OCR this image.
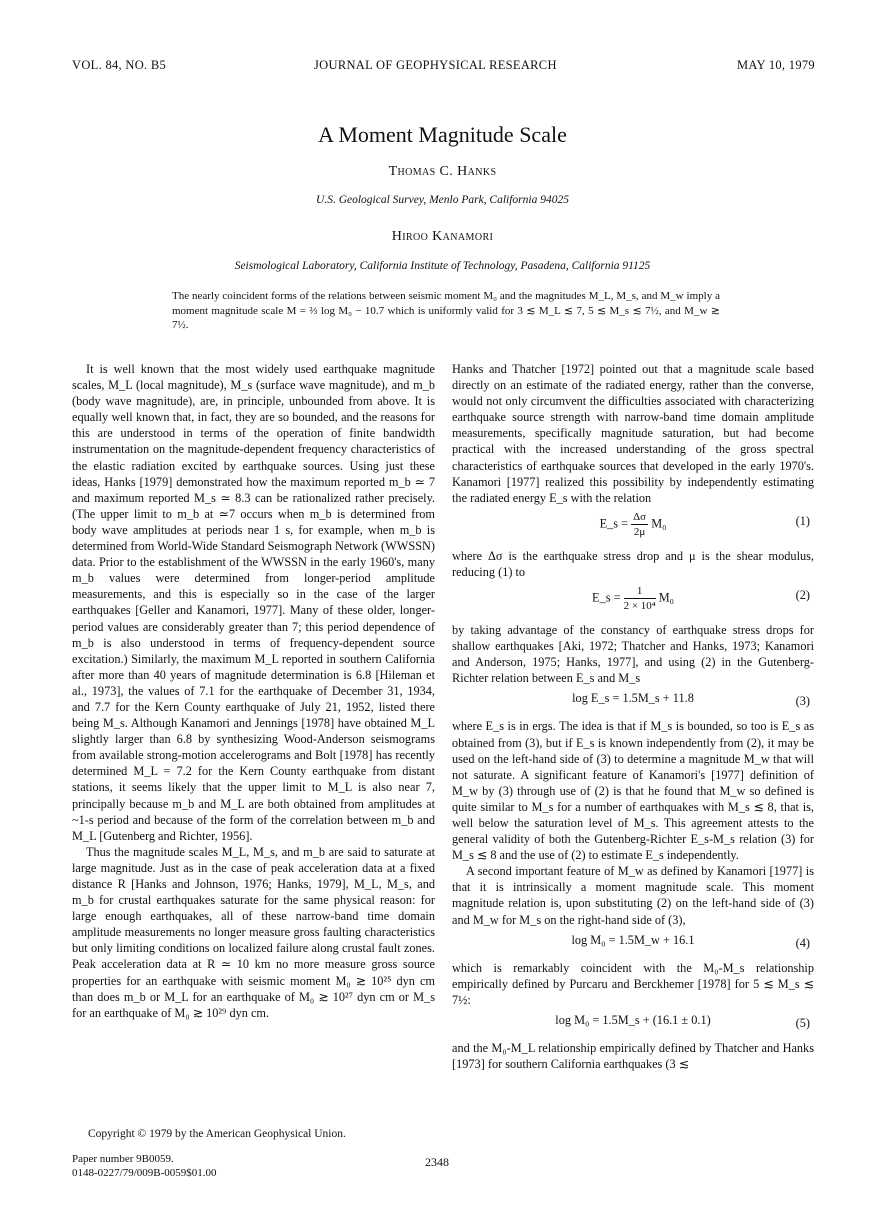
VOL. 84, NO. B5	JOURNAL OF GEOPHYSICAL RESEARCH	MAY 10, 1979
A Moment Magnitude Scale
Thomas C. Hanks
U.S. Geological Survey, Menlo Park, California 94025
Hiroo Kanamori
Seismological Laboratory, California Institute of Technology, Pasadena, California 91125
The nearly coincident forms of the relations between seismic moment M₀ and the magnitudes M_L, M_s, and M_w imply a moment magnitude scale M = ⅔ log M₀ − 10.7 which is uniformly valid for 3 ≲ M_L ≲ 7, 5 ≲ M_s ≲ 7½, and M_w ≳ 7½.

It is well known that the most widely used earthquake magnitude scales, M_L (local magnitude), M_s (surface wave magnitude), and m_b (body wave magnitude), are, in principle, unbounded from above. It is equally well known that, in fact, they are so bounded, and the reasons for this are understood in terms of the operation of finite bandwidth instrumentation on the magnitude-dependent frequency characteristics of the elastic radiation excited by earthquake sources. Using just these ideas, Hanks [1979] demonstrated how the maximum reported m_b ≃ 7 and maximum reported M_s ≃ 8.3 can be rationalized rather precisely. (The upper limit to m_b at ≃7 occurs when m_b is determined from body wave amplitudes at periods near 1 s, for example, when m_b is determined from World-Wide Standard Seismograph Network (WWSSN) data. Prior to the establishment of the WWSSN in the early 1960's, many m_b values were determined from longer-period amplitude measurements, and this is especially so in the case of the larger earthquakes [Geller and Kanamori, 1977]. Many of these older, longer-period values are considerably greater than 7; this period dependence of m_b is also understood in terms of frequency-dependent source excitation.) Similarly, the maximum M_L reported in southern California after more than 40 years of magnitude determination is 6.8 [Hileman et al., 1973], the values of 7.1 for the earthquake of December 31, 1934, and 7.7 for the Kern County earthquake of July 21, 1952, listed there being M_s. Although Kanamori and Jennings [1978] have obtained M_L slightly larger than 6.8 by synthesizing Wood-Anderson seismograms from available strong-motion accelerograms and Bolt [1978] has recently determined M_L = 7.2 for the Kern County earthquake from distant stations, it seems likely that the upper limit to M_L is also near 7, principally because m_b and M_L are both obtained from amplitudes at ~1-s period and because of the form of the correlation between m_b and M_L [Gutenberg and Richter, 1956].

Thus the magnitude scales M_L, M_s, and m_b are said to saturate at large magnitude. Just as in the case of peak acceleration data at a fixed distance R [Hanks and Johnson, 1976; Hanks, 1979], M_L, M_s, and m_b for crustal earthquakes saturate for the same physical reason: for large enough earthquakes, all of these narrow-band time domain amplitude measurements no longer measure gross faulting characteristics but only limiting conditions on localized failure along crustal fault zones. Peak acceleration data at R ≃ 10 km no more measure gross source properties for an earthquake with seismic moment M₀ ≳ 10²⁵ dyn cm than does m_b or M_L for an earthquake of M₀ ≳ 10²⁷ dyn cm or M_s for an earthquake of M₀ ≳ 10²⁹ dyn cm.

Hanks and Thatcher [1972] pointed out that a magnitude scale based directly on an estimate of the radiated energy, rather than the converse, would not only circumvent the difficulties associated with characterizing earthquake source strength with narrow-band time domain amplitude measurements, specifically magnitude saturation, but had become practical with the increased understanding of the gross spectral characteristics of earthquake sources that developed in the early 1970's. Kanamori [1977] realized this possibility by independently estimating the radiated energy E_s with the relation

E_s = $\frac{\Delta\sigma}{2\mu} M_0$	(1)

where Δσ is the earthquake stress drop and μ is the shear modulus, reducing (1) to

E_s = $\frac{1}{\text{2 × 10⁴}} M_0$	(2)

by taking advantage of the constancy of earthquake stress drops for shallow earthquakes [Aki, 1972; Thatcher and Hanks, 1973; Kanamori and Anderson, 1975; Hanks, 1977], and using (2) in the Gutenberg-Richter relation between E_s and M_s

log E_s = 1.5M_s + 11.8	(3)

where E_s is in ergs. The idea is that if M_s is bounded, so too is E_s as obtained from (3), but if E_s is known independently from (2), it may be used on the left-hand side of (3) to determine a magnitude M_w that will not saturate. A significant feature of Kanamori's [1977] definition of M_w by (3) through use of (2) is that he found that M_w so defined is quite similar to M_s for a number of earthquakes with M_s ≲ 8, that is, well below the saturation level of M_s. This agreement attests to the general validity of both the Gutenberg-Richter E_s-M_s relation (3) for M_s ≲ 8 and the use of (2) to estimate E_s independently.

A second important feature of M_w as defined by Kanamori [1977] is that it is intrinsically a moment magnitude scale. This moment magnitude relation is, upon substituting (2) on the left-hand side of (3) and M_w for M_s on the right-hand side of (3),

log M₀ = 1.5M_w + 16.1	(4)

which is remarkably coincident with the M₀-M_s relationship empirically defined by Purcaru and Berckhemer [1978] for 5 ≲ M_s ≲ 7½:

log M₀ = 1.5M_s + (16.1 ± 0.1)	(5)

and the M₀-M_L relationship empirically defined by Thatcher and Hanks [1973] for southern California earthquakes (3 ≲

Copyright © 1979 by the American Geophysical Union.
Paper number 9B0059.
0148-0227/79/009B-0059$01.00
2348
